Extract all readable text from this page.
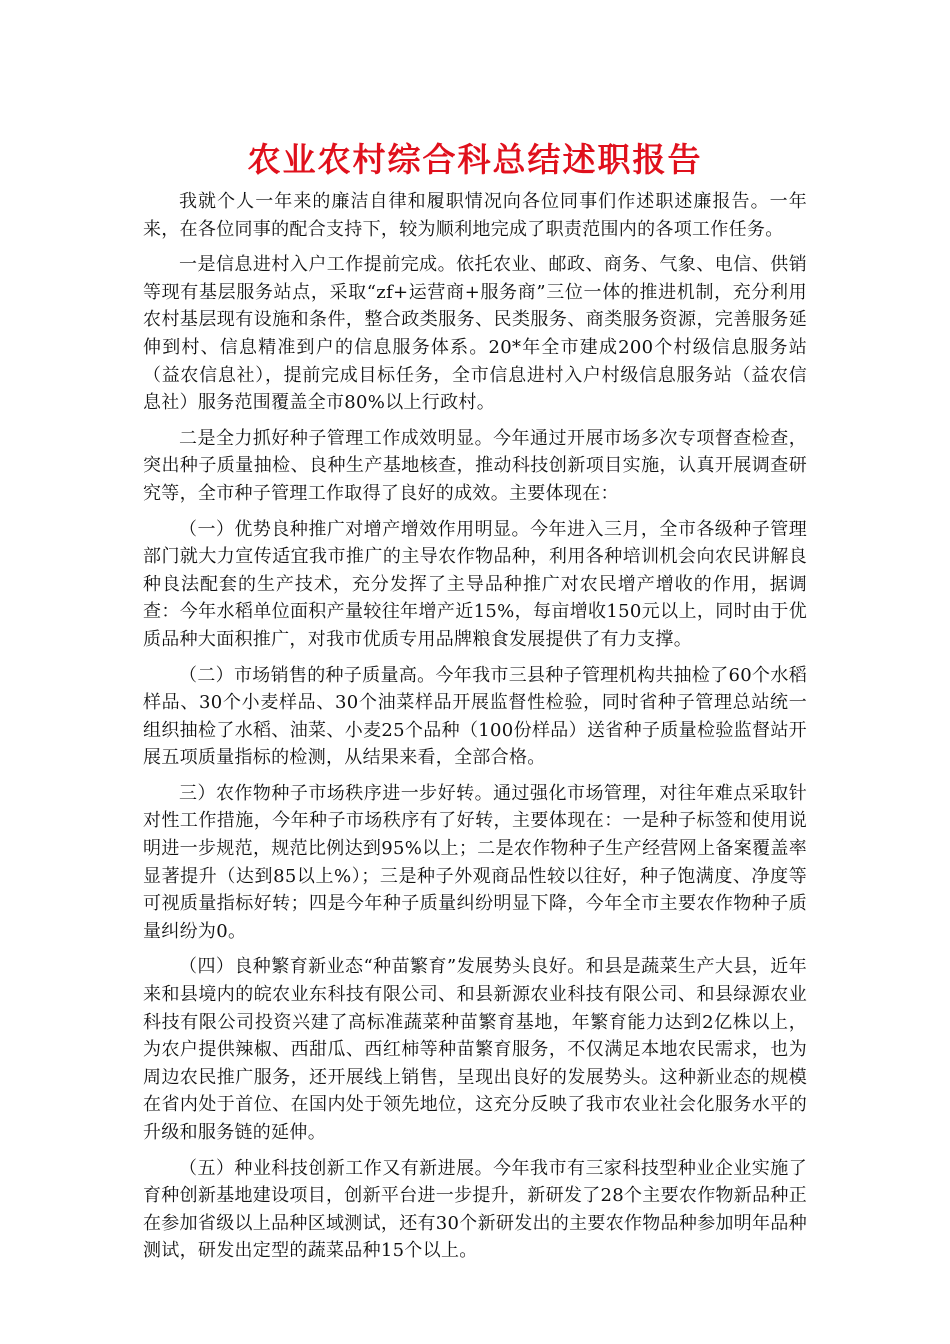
农业农村综合科总结述职报告

我就个人一年来的廉洁自律和履职情况向各位同事们作述职述廉报告。一年来，在各位同事的配合支持下，较为顺利地完成了职责范围内的各项工作任务。

一是信息进村入户工作提前完成。依托农业、邮政、商务、气象、电信、供销等现有基层服务站点，采取“zf+运营商+服务商”三位一体的推进机制，充分利用农村基层现有设施和条件，整合政类服务、民类服务、商类服务资源，完善服务延伸到村、信息精准到户的信息服务体系。20*年全市建成200个村级信息服务站（益农信息社），提前完成目标任务，全市信息进村入户村级信息服务站（益农信息社）服务范围覆盖全市80%以上行政村。

二是全力抓好种子管理工作成效明显。今年通过开展市场多次专项督查检查，突出种子质量抽检、良种生产基地核查，推动科技创新项目实施，认真开展调查研究等，全市种子管理工作取得了良好的成效。主要体现在：

（一）优势良种推广对增产增效作用明显。今年进入三月，全市各级种子管理部门就大力宣传适宜我市推广的主导农作物品种，利用各种培训机会向农民讲解良种良法配套的生产技术，充分发挥了主导品种推广对农民增产增收的作用，据调查：今年水稻单位面积产量较往年增产近15%，每亩增收150元以上，同时由于优质品种大面积推广，对我市优质专用品牌粮食发展提供了有力支撑。

（二）市场销售的种子质量高。今年我市三县种子管理机构共抽检了60个水稻样品、30个小麦样品、30个油菜样品开展监督性检验，同时省种子管理总站统一组织抽检了水稻、油菜、小麦25个品种（100份样品）送省种子质量检验监督站开展五项质量指标的检测，从结果来看，全部合格。

三）农作物种子市场秩序进一步好转。通过强化市场管理，对往年难点采取针对性工作措施，今年种子市场秩序有了好转，主要体现在：一是种子标签和使用说明进一步规范，规范比例达到95%以上；二是农作物种子生产经营网上备案覆盖率显著提升（达到85以上%）；三是种子外观商品性较以往好，种子饱满度、净度等可视质量指标好转；四是今年种子质量纠纷明显下降，今年全市主要农作物种子质量纠纷为0。

（四）良种繁育新业态“种苗繁育”发展势头良好。和县是蔬菜生产大县，近年来和县境内的皖农业东科技有限公司、和县新源农业科技有限公司、和县绿源农业科技有限公司投资兴建了高标准蔬菜种苗繁育基地，年繁育能力达到2亿株以上，为农户提供辣椒、西甜瓜、西红柿等种苗繁育服务，不仅满足本地农民需求，也为周边农民推广服务，还开展线上销售，呈现出良好的发展势头。这种新业态的规模在省内处于首位、在国内处于领先地位，这充分反映了我市农业社会化服务水平的升级和服务链的延伸。

（五）种业科技创新工作又有新进展。今年我市有三家科技型种业企业实施了育种创新基地建设项目，创新平台进一步提升，新研发了28个主要农作物新品种正在参加省级以上品种区域测试，还有30个新研发出的主要农作物品种参加明年品种测试，研发出定型的蔬菜品种15个以上。
